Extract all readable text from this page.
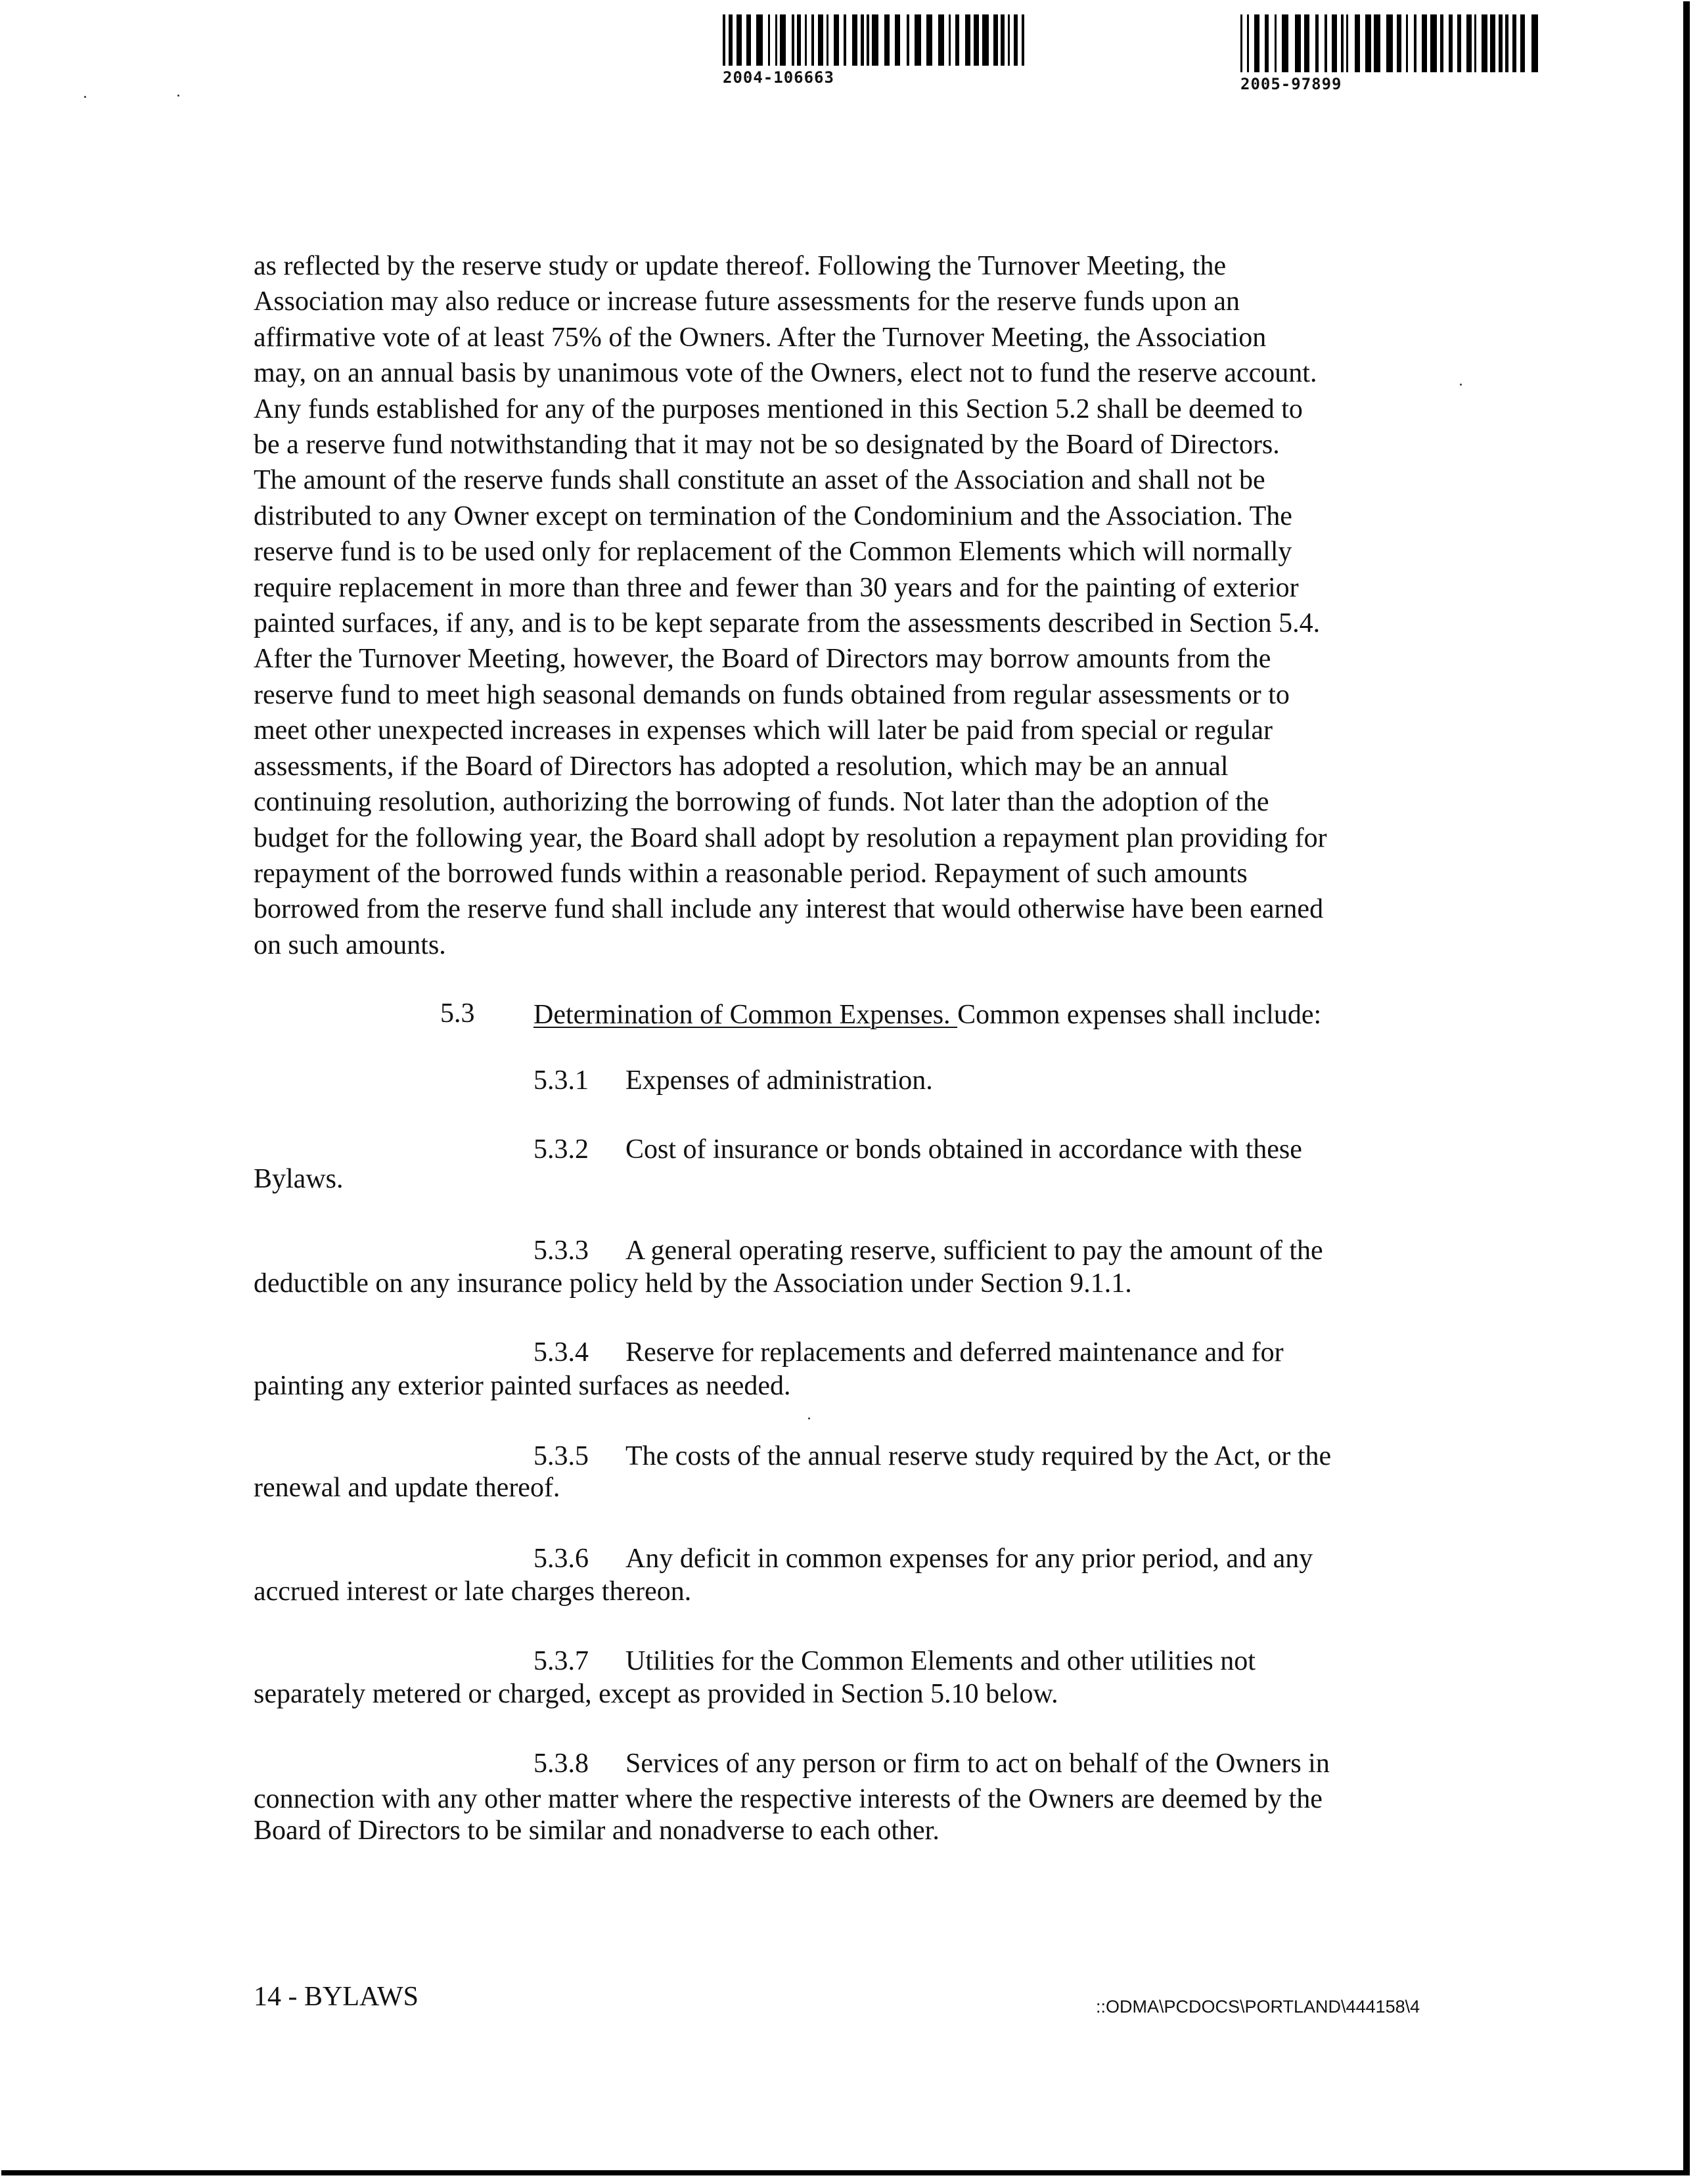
2004-106663	2005-97899
as reflected by the reserve study or update thereof. Following the Turnover Meeting, the
Association may also reduce or increase future assessments for the reserve funds upon an
affirmative vote of at least 75% of the Owners. After the Turnover Meeting, the Association
may, on an annual basis by unanimous vote of the Owners, elect not to fund the reserve account.
Any funds established for any of the purposes mentioned in this Section 5.2 shall be deemed to
be a reserve fund notwithstanding that it may not be so designated by the Board of Directors.
The amount of the reserve funds shall constitute an asset of the Association and shall not be
distributed to any Owner except on termination of the Condominium and the Association. The
reserve fund is to be used only for replacement of the Common Elements which will normally
require replacement in more than three and fewer than 30 years and for the painting of exterior
painted surfaces, if any, and is to be kept separate from the assessments described in Section 5.4.
After the Turnover Meeting, however, the Board of Directors may borrow amounts from the
reserve fund to meet high seasonal demands on funds obtained from regular assessments or to
meet other unexpected increases in expenses which will later be paid from special or regular
assessments, if the Board of Directors has adopted a resolution, which may be an annual
continuing resolution, authorizing the borrowing of funds. Not later than the adoption of the
budget for the following year, the Board shall adopt by resolution a repayment plan providing for
repayment of the borrowed funds within a reasonable period. Repayment of such amounts
borrowed from the reserve fund shall include any interest that would otherwise have been earned
on such amounts.
5.3 Determination of Common Expenses. Common expenses shall include:
5.3.1 Expenses of administration.
5.3.2 Cost of insurance or bonds obtained in accordance with these
Bylaws.
5.3.3 A general operating reserve, sufficient to pay the amount of the
deductible on any insurance policy held by the Association under Section 9.1.1.
5.3.4 Reserve for replacements and deferred maintenance and for
painting any exterior painted surfaces as needed.
5.3.5 The costs of the annual reserve study required by the Act, or the
renewal and update thereof.
5.3.6 Any deficit in common expenses for any prior period, and any
accrued interest or late charges thereon.
5.3.7 Utilities for the Common Elements and other utilities not
separately metered or charged, except as provided in Section 5.10 below.
5.3.8 Services of any person or firm to act on behalf of the Owners in
connection with any other matter where the respective interests of the Owners are deemed by the
Board of Directors to be similar and nonadverse to each other.
14 - BYLAWS	::ODMA\PCDOCS\PORTLAND\444158\4
